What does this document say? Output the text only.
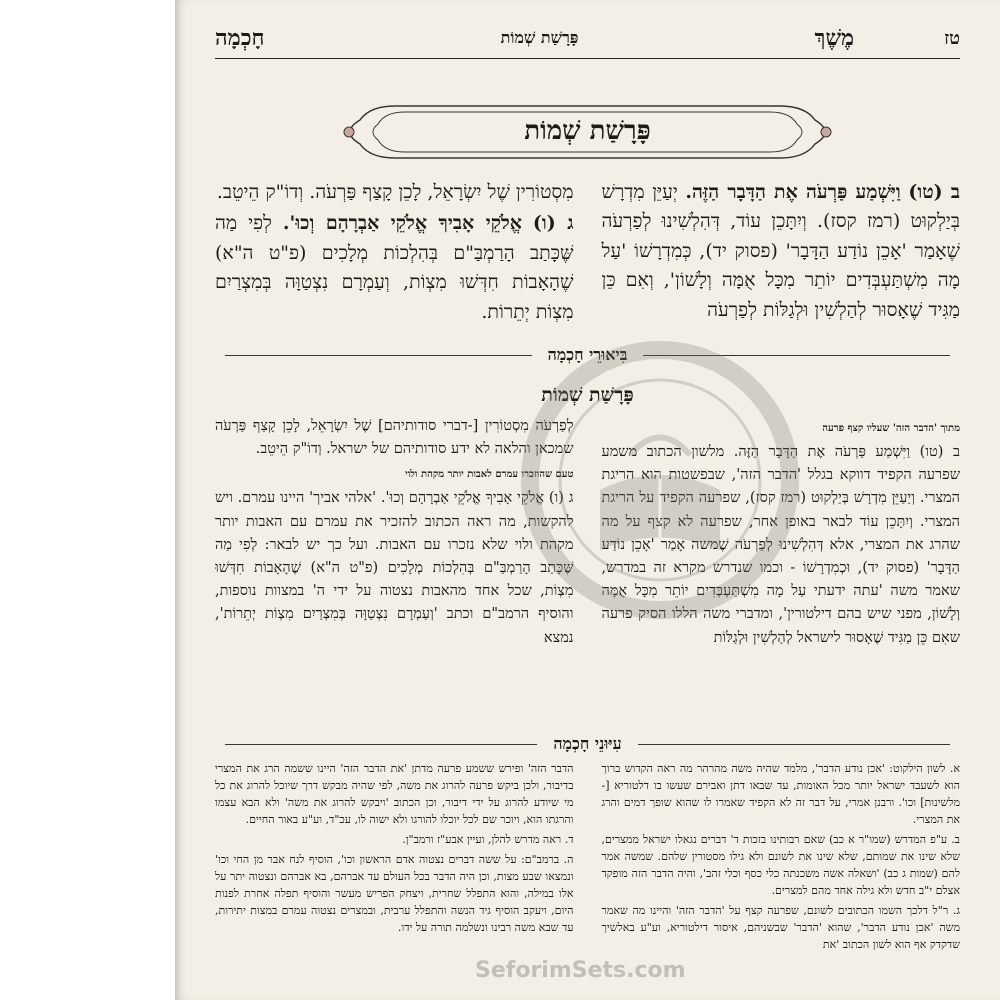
טז
מֶשֶׁךְ
פָּרָשַׁת שְׁמוֹת
חָכְמָה
פָּרָשַׁת שְׁמוֹת

ב (טו) וַיִּשְׁמַע פַּרְעֹה אֶת הַדָּבָר הַזֶּה. יְעַיֵּן מִדְרָשׁ בְּיַלְקוּט (רמז קסז). וְיִתָּכֵן עוֹד, דְּהִלְשִׁינוּ לְפַרְעֹה שֶׁאָמַר 'אָכֵן נוֹדַע הַדָּבָר' (פסוק יד), כְּמִדְרָשׁוֹ 'עַל מָה מִשְׁתַּעְבְּדִים יוֹתֵר מִכָּל אֻמָּה וְלָשׁוֹן', וְאִם כֵּן מַגִּיד שֶׁאָסוּר לְהַלְשִׁין וּלְגַלּוֹת לְפַרְעֹה

מִסְטוֹרִין שֶׁל יִשְׂרָאֵל, לָכֵן קָצַף פַּרְעֹה. וְדוֹ"ק הֵיטֵב.

ג (ו) אֱלֹקֵי אָבִיךָ אֱלֹקֵי אַבְרָהָם וְכוּ'. לְפִי מַה שֶּׁכָּתַב הָרַמְבַּ"ם בְּהִלְכוֹת מְלָכִים (פ"ט ה"א) שֶׁהָאָבוֹת חִדְּשׁוּ מִצְוֹת, וְעַמְרָם נִצְטַוָּה בְּמִצְרַיִם מִצְוֹת יְתֵרוֹת.

בִּיאוּרֵי חָכְמָה
פָּרָשַׁת שְׁמוֹת
מתוך 'הדבר הזה' שעליו קצף פרעה

ב (טו) וַיִּשְׁמַע פַּרְעֹה אֶת הַדָּבָר הַזֶּה. מלשון הכתוב משמע שפרעה הקפיד דווקא בגלל 'הדבר הזה', שבפשטות הוא הריגת המצרי. וְיַעַיֵּן מִדְרָשׁ בְּיַלְקוּט (רמז קסז), שפרעה הקפיד על הריגת המצרי. וְיִתָּכֵן עוֹד לבאר באופן אחר, שפרעה לא קצף על מה שהרג את המצרי, אלא דְּהִלְשִׁינוּ לְפַרְעֹה שֶׁמשה אָמַר 'אָכֵן נוֹדַע הַדָּבָר' (פסוק יד), וּכְמִדְרָשׁוֹ - וכמו שנדרש מקרא זה במדרש, שאמר משה 'עתה ידעתי עַל מָה מִשְׁתַּעְבְּדִים יוֹתֵר מִכָּל אֻמָּה וְלָשׁוֹן, מפני שיש בהם דילטורין', ומדברי משה הללו הסיק פרעה שאִם כֵּן מַגִּיד שֶׁאָסוּר לישראל לְהַלְשִׁין וּלְגַלּוֹת

לְפַרְעֹה מִסְטוֹרִין [-דברי סודותיהם] שֶׁל יִשְׂרָאֵל, לָכֵן קָצַף פַּרְעֹה שמכאן והלאה לא ידע סודותיהם של ישראל. וְדוֹ"ק הֵיטֵב.

טעם שהוזכרו עמרם לאבות יותר מקהת ולוי

ג (ו) אֱלֹקֵי אָבִיךָ אֱלֹקֵי אַבְרָהָם וְכוּ'. 'אלהי אביך' היינו עמרם. ויש להקשות, מה ראה הכתוב להזכיר את עמרם עם האבות יותר מקהת ולוי שלא נזכרו עם האבות. ועל כך יש לבאר: לְפִי מַה שֶּׁכָּתַב הָרַמְבַּ"ם בְּהִלְכוֹת מְלָכִים (פ"ט ה"א) שֶׁהָאָבוֹת חִדְּשׁוּ מִצְוֹת, שכל אחד מהאבות נצטוה על ידי ה' במצוות נוספות, והוסיף הרמב"ם וכתב 'וְעַמְרָם נִצְטַוָּה בְּמִצְרַיִם מִצְוֹת יְתֵרוֹת', נמצא

עִיּוּנֵי חָכְמָה

א. לשון הילקוט: 'אכן נודע הדבר', מלמד שהיה משה מהרהר מה ראה הקדוש ברוך הוא לשעבד ישראל יותר מכל האומות, עד שבאו דתן ואבירם שעשו בו דלטוריא [-מלשינות] וכו'. ורבנן אמרי, על דבר זה לא הקפיד שאמרו לו שהוא שופך דמים והרג את המצרי.

ב. ע"פ המדרש (שמו"ר א כב) שאם רבותינו בזכות ד' דברים נגאלו ישראל ממצרים, שלא שינו את שמותם, שלא שינו את לשונם ולא גילו מסטורין שלהם. שמשה אמר להם (שמות ג כב) 'ושאלה אשה משכנתה כלי כסף וכלי זהב', והיה הדבר הזה מופקד אצלם י"ב חדש ולא גילה אחד מהם למצרים.

ג. ר"ל דלכך השמו הכתובים לשונם, שפרעה קצף על 'הדבר הזה' והיינו מה שאמר משה 'אכן נודע הדבר', שהוא 'הדבר' שבשניהם, איסור דילטוריא, וע"ע באלשיך שדקדק אף הוא לשון הכתוב 'את

הדבר הזה' ופירש ששמע פרעה מדתן 'את הדבר הזה' היינו ששמה הרג את המצרי בדיבור, ולכן ביקש פרעה להרוג את משה, לפי שהיה מבקש דרך שיוכל להרוג את כל מי שיודע להרוג על ידי דיבור, וכן הכתוב 'ויבקש להרוג את משה' ולא הבא עצמו והרגתו הוא, ויוכר שם לכל יוכלו להורגו ולא ישוה לו, עכ"ד, וע"ע באור החיים.

ד. ראה מדרש להלן, ועיין אבע"ז ורמב"ן.

ה. ברמב"ם: על ששה דברים נצטוה אדם הראשון וכו', הוסיף לנח אבר מן החי וכו' ונמצאו שבע מצות, וכן היה הדבר בכל העולם עד אברהם, בא אברהם ונצטוה יתר על אלו במילה, והוא התפלל שחרית, ויצחק הפריש מעשר והוסיף תפלה אחרת לפנות היום, ויעקב הוסיף גיד הנשה והתפלל ערבית, ובמצרים נצטוה עמרם במצות יתירות, עד שבא משה רבינו ונשלמה תורה על ידו.

SeforimSets.com
